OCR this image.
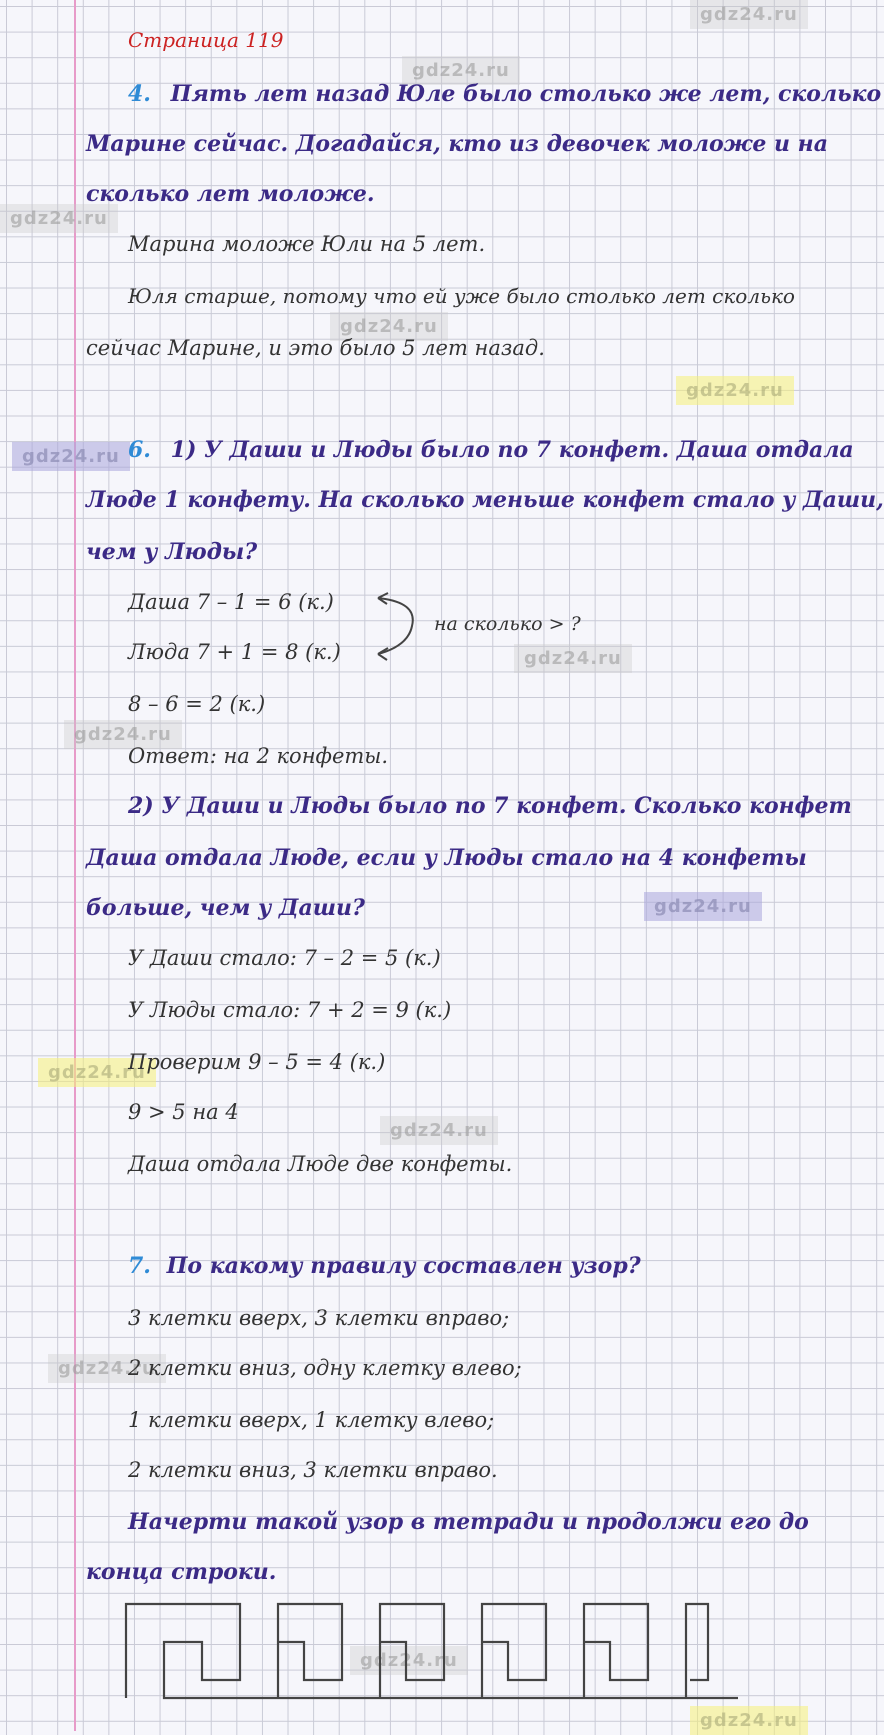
gdz24.ru
gdz24.ru
gdz24.ru
gdz24.ru
gdz24.ru
gdz24.ru
gdz24.ru
gdz24.ru
gdz24.ru
gdz24.ru
gdz24.ru
gdz24.ru
gdz24.ru
gdz24.ru
Страница 119
4. Пять лет назад Юле было столько же лет, сколько
Марине сейчас. Догадайся, кто из девочек моложе и на
сколько лет моложе.
Марина моложе Юли на 5 лет.
Юля старше, потому что ей уже было столько лет сколько
сейчас Марине, и это было 5 лет назад.
6. 1) У Даши и Люды было по 7 конфет. Даша отдала
Люде 1 конфету. На сколько меньше конфет стало у Даши,
чем у Люды?
Даша 7 – 1 = 6 (к.)
Люда 7 + 1 = 8 (к.)
на сколько > ?
8 – 6 = 2 (к.)
Ответ: на 2 конфеты.
2) У Даши и Люды было по 7 конфет. Сколько конфет
Даша отдала Люде, если у Люды стало на 4 конфеты
больше, чем у Даши?
У Даши стало: 7 – 2 = 5 (к.)
У Люды стало: 7 + 2 = 9 (к.)
Проверим 9 – 5 = 4 (к.)
9 > 5 на 4
Даша отдала Люде две конфеты.
7. По какому правилу составлен узор?
3 клетки вверх, 3 клетки вправо;
2 клетки вниз, одну клетку влево;
1 клетки вверх, 1 клетку влево;
2 клетки вниз, 3 клетки вправо.
Начерти такой узор в тетради и продолжи его до
конца строки.
